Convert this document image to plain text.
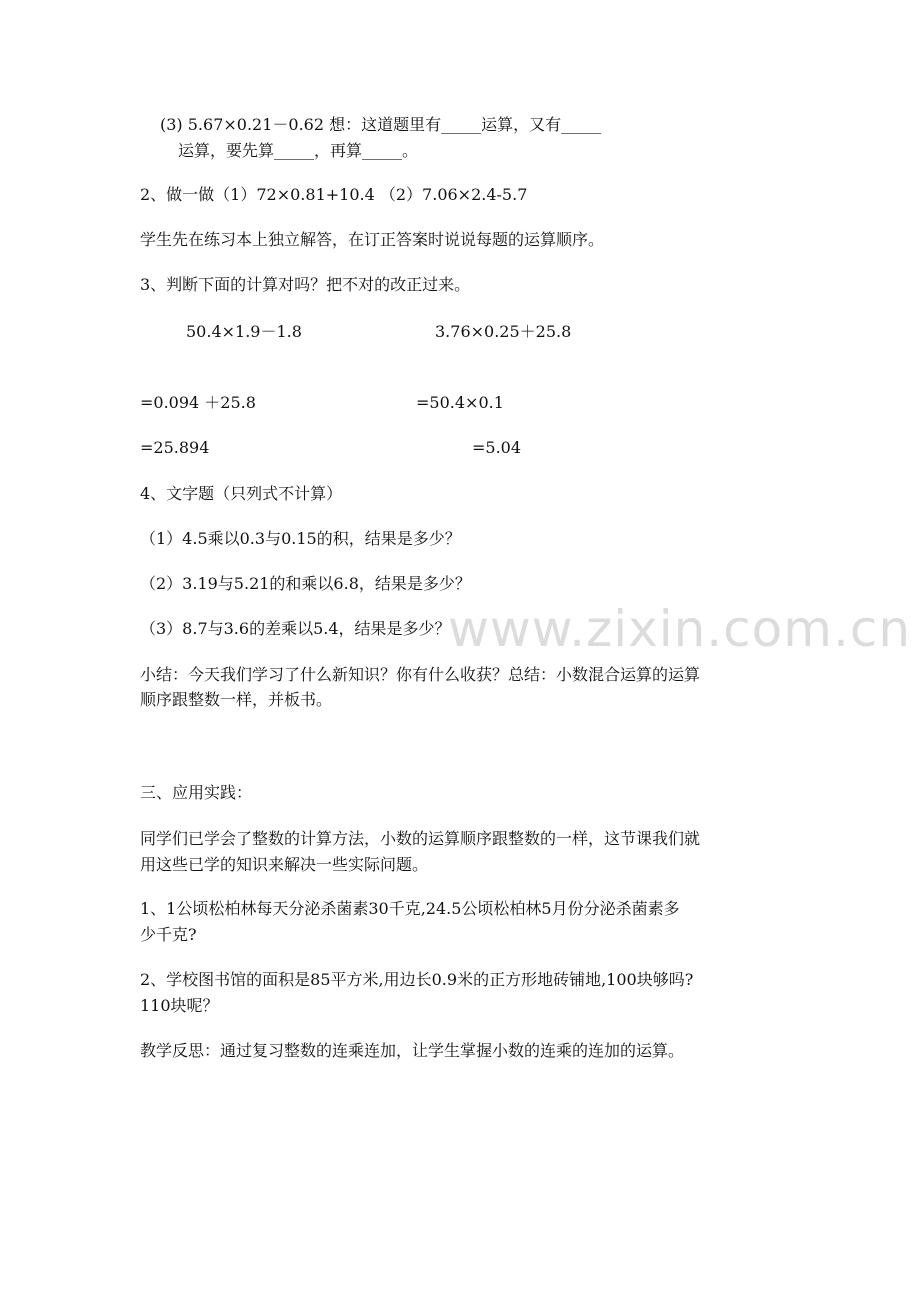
www.zixin.com.cn
(3) 5.67×0.21－0.62 想：这道题里有_____运算，又有_____
运算，要先算_____，再算_____。
2、做一做（1）72×0.81+10.4 （2）7.06×2.4-5.7
学生先在练习本上独立解答，在订正答案时说说每题的运算顺序。
3、判断下面的计算对吗？把不对的改正过来。
50.4×1.9－1.8	3.76×0.25＋25.8
=0.094 ＋25.8	=50.4×0.1
=25.894	=5.04
4、文字题（只列式不计算）
（1）4.5乘以0.3与0.15的积，结果是多少？
（2）3.19与5.21的和乘以6.8，结果是多少？
（3）8.7与3.6的差乘以5.4，结果是多少？
小结：今天我们学习了什么新知识？你有什么收获？总结：小数混合运算的运算
顺序跟整数一样，并板书。
三、应用实践：
同学们已学会了整数的计算方法，小数的运算顺序跟整数的一样，这节课我们就
用这些已学的知识来解决一些实际问题。
1、1公顷松柏林每天分泌杀菌素30千克,24.5公顷松柏林5月份分泌杀菌素多
少千克?
2、学校图书馆的面积是85平方米,用边长0.9米的正方形地砖铺地,100块够吗?
110块呢？
教学反思：通过复习整数的连乘连加，让学生掌握小数的连乘的连加的运算。
